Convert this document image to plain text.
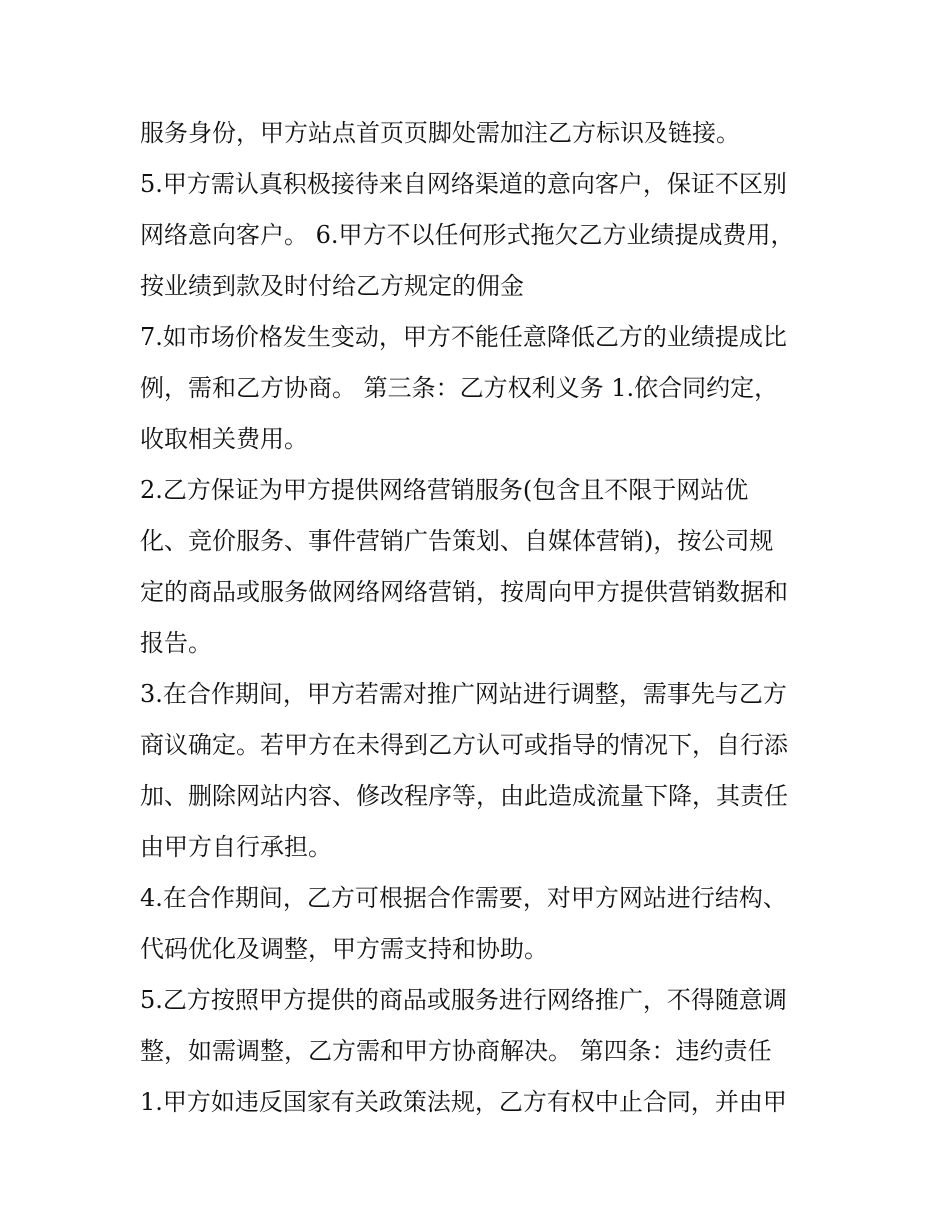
服务身份，甲方站点首页页脚处需加注乙方标识及链接。
5.甲方需认真积极接待来自网络渠道的意向客户，保证不区别
网络意向客户。 6.甲方不以任何形式拖欠乙方业绩提成费用，
按业绩到款及时付给乙方规定的佣金
7.如市场价格发生变动，甲方不能任意降低乙方的业绩提成比
例，需和乙方协商。 第三条：乙方权利义务 1.依合同约定，
收取相关费用。
2.乙方保证为甲方提供网络营销服务(包含且不限于网站优
化、竞价服务、事件营销广告策划、自媒体营销)，按公司规
定的商品或服务做网络网络营销，按周向甲方提供营销数据和
报告。
3.在合作期间，甲方若需对推广网站进行调整，需事先与乙方
商议确定。若甲方在未得到乙方认可或指导的情况下，自行添
加、删除网站内容、修改程序等，由此造成流量下降，其责任
由甲方自行承担。
4.在合作期间，乙方可根据合作需要，对甲方网站进行结构、
代码优化及调整，甲方需支持和协助。
5.乙方按照甲方提供的商品或服务进行网络推广，不得随意调
整，如需调整，乙方需和甲方协商解决。 第四条：违约责任
1.甲方如违反国家有关政策法规，乙方有权中止合同，并由甲
